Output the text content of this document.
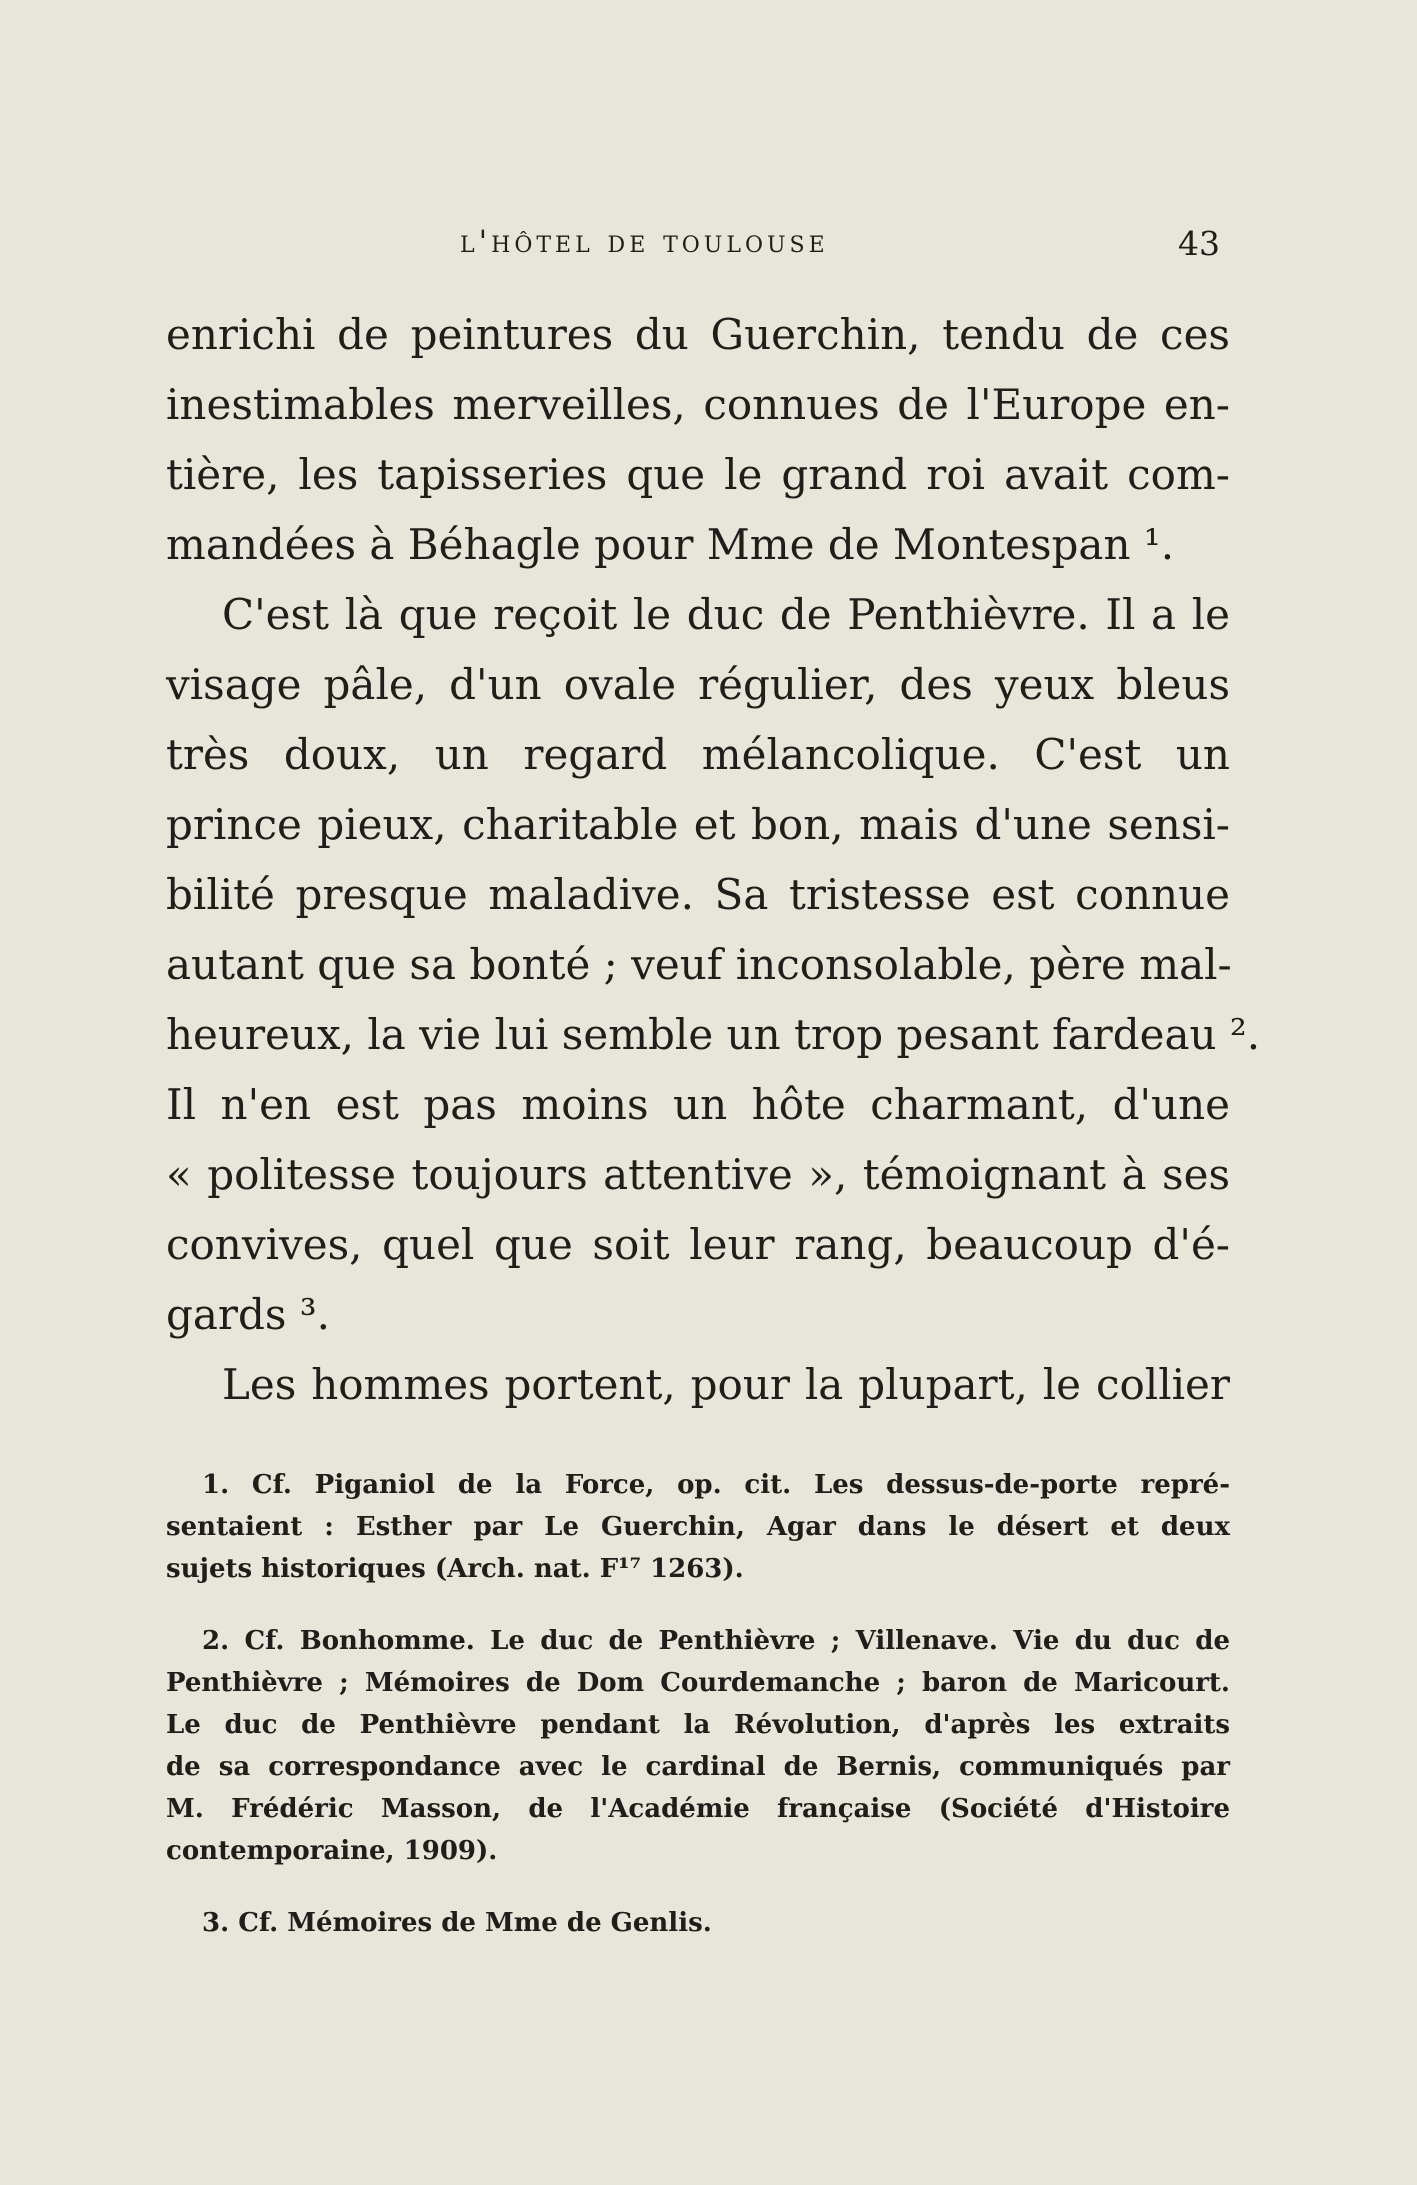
l'hôtel de toulouse	43
enrichi de peintures du Guerchin, tendu de ces
inestimables merveilles, connues de l'Europe en-
tière, les tapisseries que le grand roi avait com-
mandées à Béhagle pour Mme de Montespan ¹.
C'est là que reçoit le duc de Penthièvre. Il a le
visage pâle, d'un ovale régulier, des yeux bleus
très doux, un regard mélancolique. C'est un
prince pieux, charitable et bon, mais d'une sensi-
bilité presque maladive. Sa tristesse est connue
autant que sa bonté ; veuf inconsolable, père mal-
heureux, la vie lui semble un trop pesant fardeau ².
Il n'en est pas moins un hôte charmant, d'une
« politesse toujours attentive », témoignant à ses
convives, quel que soit leur rang, beaucoup d'é-
gards ³.
Les hommes portent, pour la plupart, le collier
1. Cf. Piganiol de la Force, op. cit. Les dessus-de-porte repré-
sentaient : Esther par Le Guerchin, Agar dans le désert et deux
sujets historiques (Arch. nat. F¹⁷ 1263).
2. Cf. Bonhomme. Le duc de Penthièvre ; Villenave. Vie du duc de
Penthièvre ; Mémoires de Dom Courdemanche ; baron de Maricourt.
Le duc de Penthièvre pendant la Révolution, d'après les extraits
de sa correspondance avec le cardinal de Bernis, communiqués par
M. Frédéric Masson, de l'Académie française (Société d'Histoire
contemporaine, 1909).
3. Cf. Mémoires de Mme de Genlis.
